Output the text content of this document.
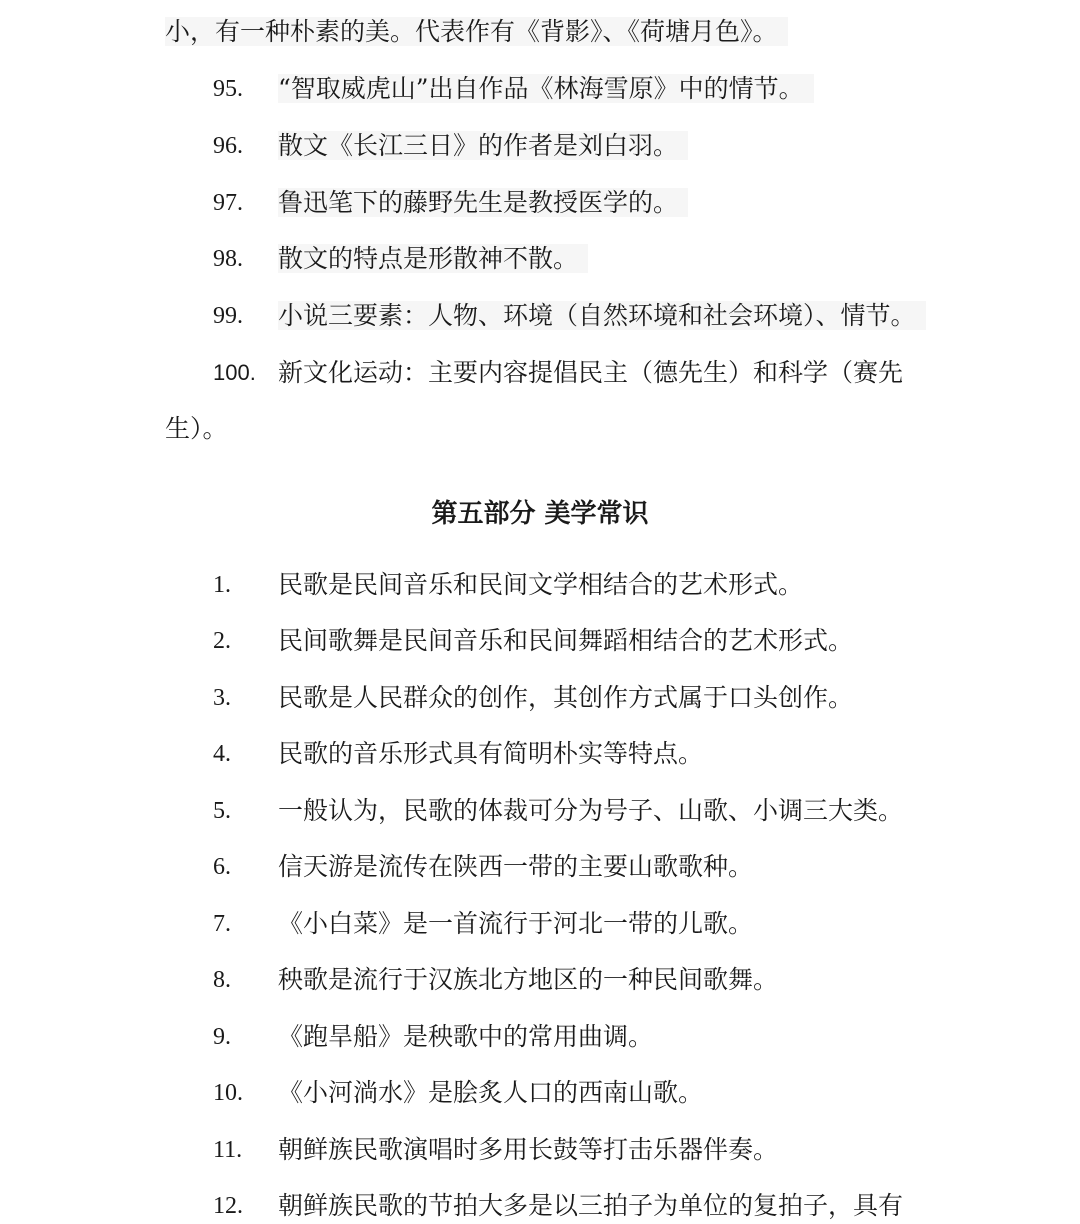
小，有一种朴素的美。代表作有《背影》、《荷塘月色》。
95. “智取威虎山”出自作品《林海雪原》中的情节。
96. 散文《长江三日》的作者是刘白羽。
97. 鲁迅笔下的藤野先生是教授医学的。
98. 散文的特点是形散神不散。
99. 小说三要素：人物、环境（自然环境和社会环境）、情节。
100. 新文化运动：主要内容提倡民主（德先生）和科学（赛先
生）。
第五部分 美学常识
1. 民歌是民间音乐和民间文学相结合的艺术形式。
2. 民间歌舞是民间音乐和民间舞蹈相结合的艺术形式。
3. 民歌是人民群众的创作，其创作方式属于口头创作。
4. 民歌的音乐形式具有简明朴实等特点。
5. 一般认为，民歌的体裁可分为号子、山歌、小调三大类。
6. 信天游是流传在陕西一带的主要山歌歌种。
7. 《小白菜》是一首流行于河北一带的儿歌。
8. 秧歌是流行于汉族北方地区的一种民间歌舞。
9. 《跑旱船》是秧歌中的常用曲调。
10. 《小河淌水》是脍炙人口的西南山歌。
11. 朝鲜族民歌演唱时多用长鼓等打击乐器伴奏。
12. 朝鲜族民歌的节拍大多是以三拍子为单位的复拍子，具有
